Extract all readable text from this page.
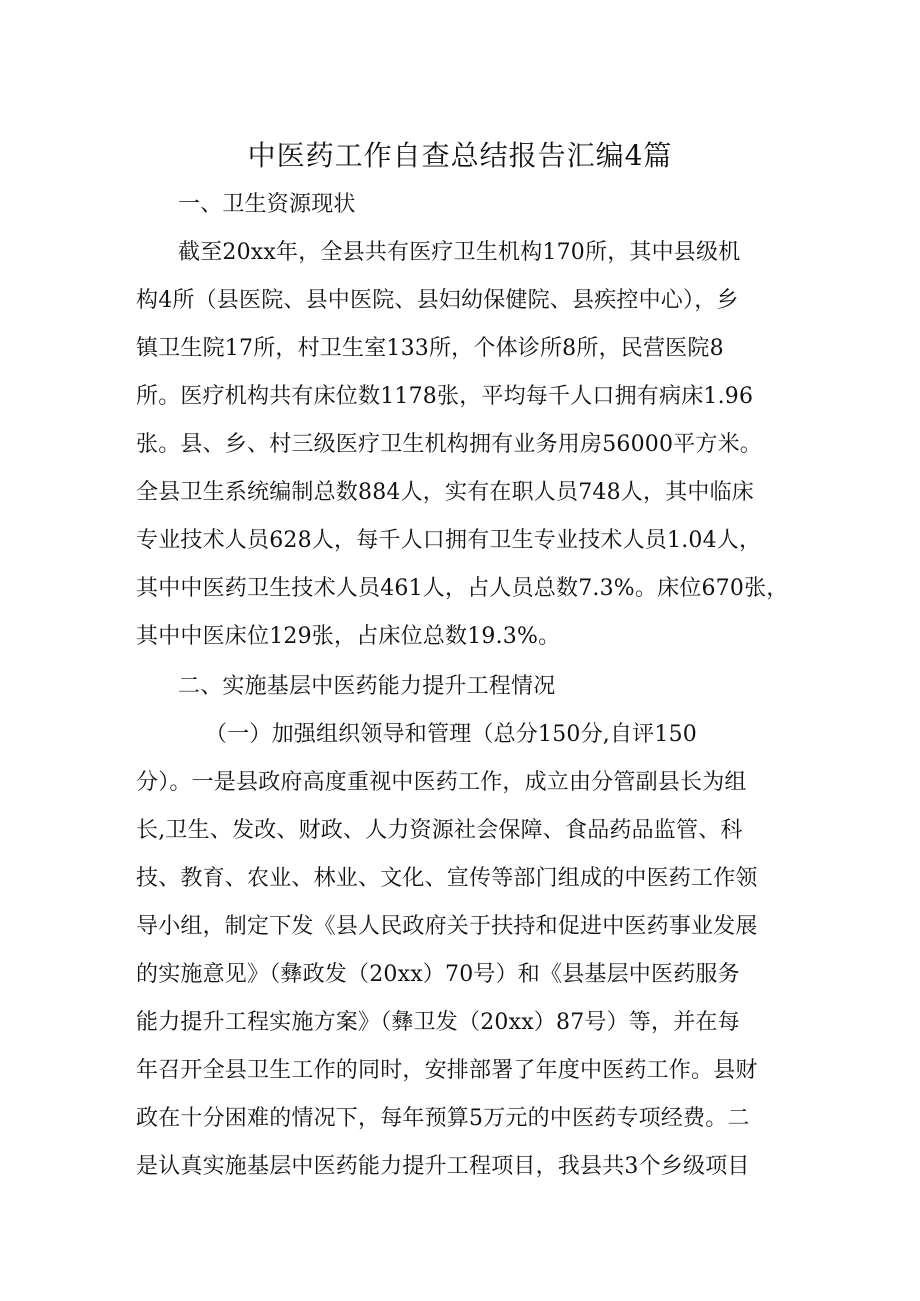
中医药工作自查总结报告汇编4篇
一、卫生资源现状
截至20xx年，全县共有医疗卫生机构170所，其中县级机
构4所（县医院、县中医院、县妇幼保健院、县疾控中心），乡
镇卫生院17所，村卫生室133所，个体诊所8所，民营医院8
所。医疗机构共有床位数1178张，平均每千人口拥有病床1.96
张。县、乡、村三级医疗卫生机构拥有业务用房56000平方米。
全县卫生系统编制总数884人，实有在职人员748人，其中临床
专业技术人员628人，每千人口拥有卫生专业技术人员1.04人，
其中中医药卫生技术人员461人，占人员总数7.3%。床位670张，
其中中医床位129张，占床位总数19.3%。
二、实施基层中医药能力提升工程情况
（一）加强组织领导和管理（总分150分,自评150
分）。一是县政府高度重视中医药工作，成立由分管副县长为组
长,卫生、发改、财政、人力资源社会保障、食品药品监管、科
技、教育、农业、林业、文化、宣传等部门组成的中医药工作领
导小组，制定下发《县人民政府关于扶持和促进中医药事业发展
的实施意见》（彝政发（20xx）70号）和《县基层中医药服务
能力提升工程实施方案》（彝卫发（20xx）87号）等，并在每
年召开全县卫生工作的同时，安排部署了年度中医药工作。县财
政在十分困难的情况下，每年预算5万元的中医药专项经费。二
是认真实施基层中医药能力提升工程项目，我县共3个乡级项目
